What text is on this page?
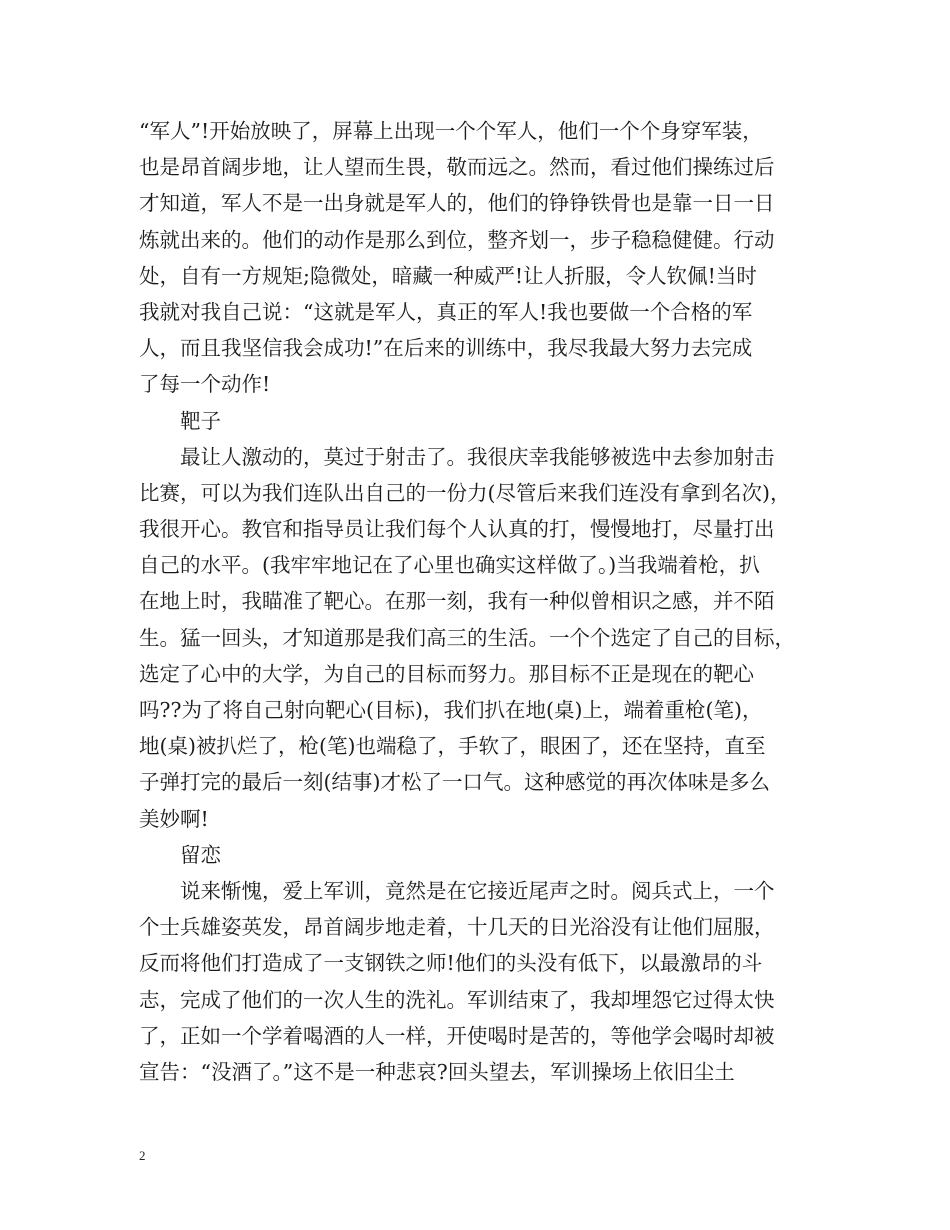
“军人”!开始放映了，屏幕上出现一个个军人，他们一个个身穿军装，
也是昂首阔步地，让人望而生畏，敬而远之。然而，看过他们操练过后
才知道，军人不是一出身就是军人的，他们的铮铮铁骨也是靠一日一日
炼就出来的。他们的动作是那么到位，整齐划一，步子稳稳健健。行动
处，自有一方规矩;隐微处，暗藏一种威严!让人折服，令人钦佩!当时
我就对我自己说：“这就是军人，真正的军人!我也要做一个合格的军
人，而且我坚信我会成功!”在后来的训练中，我尽我最大努力去完成
了每一个动作!
靶子
最让人激动的，莫过于射击了。我很庆幸我能够被选中去参加射击
比赛，可以为我们连队出自己的一份力(尽管后来我们连没有拿到名次)，
我很开心。教官和指导员让我们每个人认真的打，慢慢地打，尽量打出
自己的水平。(我牢牢地记在了心里也确实这样做了。)当我端着枪，扒
在地上时，我瞄准了靶心。在那一刻，我有一种似曾相识之感，并不陌
生。猛一回头，才知道那是我们高三的生活。一个个选定了自己的目标，
选定了心中的大学，为自己的目标而努力。那目标不正是现在的靶心
吗??为了将自己射向靶心(目标)，我们扒在地(桌)上，端着重枪(笔)，
地(桌)被扒烂了，枪(笔)也端稳了，手软了，眼困了，还在坚持，直至
子弹打完的最后一刻(结事)才松了一口气。这种感觉的再次体味是多么
美妙啊!
留恋
说来惭愧，爱上军训，竟然是在它接近尾声之时。阅兵式上，一个
个士兵雄姿英发，昂首阔步地走着，十几天的日光浴没有让他们屈服，
反而将他们打造成了一支钢铁之师!他们的头没有低下，以最激昂的斗
志，完成了他们的一次人生的洗礼。军训结束了，我却埋怨它过得太快
了，正如一个学着喝酒的人一样，开使喝时是苦的，等他学会喝时却被
宣告：“没酒了。”这不是一种悲哀?回头望去，军训操场上依旧尘土
2
